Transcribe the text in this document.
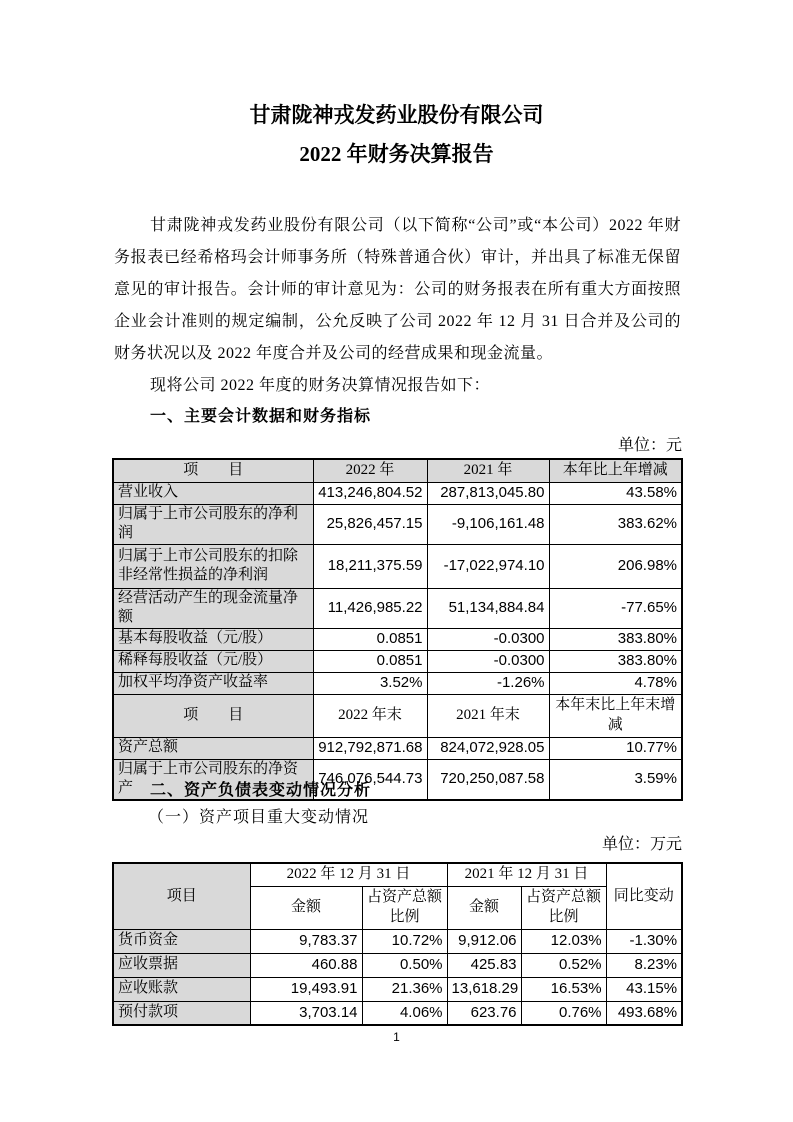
甘肃陇神戎发药业股份有限公司
2022 年财务决算报告

甘肃陇神戎发药业股份有限公司（以下简称“公司”或“本公司）2022 年财务报表已经希格玛会计师事务所（特殊普通合伙）审计，并出具了标准无保留意见的审计报告。会计师的审计意见为：公司的财务报表在所有重大方面按照企业会计准则的规定编制，公允反映了公司 2022 年 12 月 31 日合并及公司的财务状况以及 2022 年度合并及公司的经营成果和现金流量。

现将公司 2022 年度的财务决算情况报告如下：

一、主要会计数据和财务指标
单位：元
项　　目	2022 年	2021 年	本年比上年增减
营业收入	413,246,804.52	287,813,045.80	43.58%
归属于上市公司股东的净利润	25,826,457.15	-9,106,161.48	383.62%
归属于上市公司股东的扣除非经常性损益的净利润	18,211,375.59	-17,022,974.10	206.98%
经营活动产生的现金流量净额	11,426,985.22	51,134,884.84	-77.65%
基本每股收益（元/股）	0.0851	-0.0300	383.80%
稀释每股收益（元/股）	0.0851	-0.0300	383.80%
加权平均净资产收益率	3.52%	-1.26%	4.78%
项　　目	2022 年末	2021 年末	本年末比上年末增减
资产总额	912,792,871.68	824,072,928.05	10.77%
归属于上市公司股东的净资产	746,076,544.73	720,250,087.58	3.59%
二、资产负债表变动情况分析
（一）资产项目重大变动情况
单位：万元
项目	2022 年 12 月 31 日		2021 年 12 月 31 日		同比变动
	金额	占资产总额比例	金额	占资产总额比例	
货币资金	9,783.37	10.72%	9,912.06	12.03%	-1.30%
应收票据	460.88	0.50%	425.83	0.52%	8.23%
应收账款	19,493.91	21.36%	13,618.29	16.53%	43.15%
预付款项	3,703.14	4.06%	623.76	0.76%	493.68%
1
